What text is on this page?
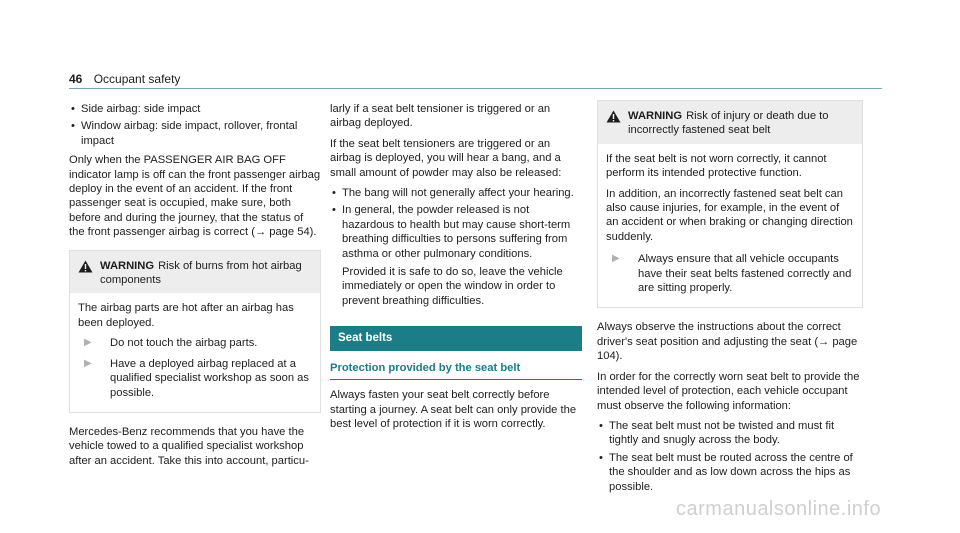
46 Occupant safety
• Side airbag: side impact
• Window airbag: side impact, rollover, frontal impact

Only when the PASSENGER AIR BAG OFF indicator lamp is off can the front passenger airbag deploy in the event of an accident. If the front passenger seat is occupied, make sure, both before and during the journey, that the status of the front passenger airbag is correct (→ page 54).

WARNING Risk of burns from hot airbag components

The airbag parts are hot after an airbag has been deployed.

▶	Do not touch the airbag parts.
▶	Have a deployed airbag replaced at a qualified specialist workshop as soon as possible.

Mercedes-Benz recommends that you have the vehicle towed to a qualified specialist workshop after an accident. Take this into account, particu-

larly if a seat belt tensioner is triggered or an airbag deployed.

If the seat belt tensioners are triggered or an airbag is deployed, you will hear a bang, and a small amount of powder may also be released:

• The bang will not generally affect your hearing.
• In general, the powder released is not hazardous to health but may cause short-term breathing difficulties to persons suffering from asthma or other pulmonary conditions.

Provided it is safe to do so, leave the vehicle immediately or open the window in order to prevent breathing difficulties.

Seat belts
Protection provided by the seat belt

Always fasten your seat belt correctly before starting a journey. A seat belt can only provide the best level of protection if it is worn correctly.

WARNING Risk of injury or death due to incorrectly fastened seat belt

If the seat belt is not worn correctly, it cannot perform its intended protective function.

In addition, an incorrectly fastened seat belt can also cause injuries, for example, in the event of an accident or when braking or changing direction suddenly.

▶	Always ensure that all vehicle occupants have their seat belts fastened correctly and are sitting properly.

Always observe the instructions about the correct driver's seat position and adjusting the seat (→ page 104).

In order for the correctly worn seat belt to provide the intended level of protection, each vehicle occupant must observe the following information:

• The seat belt must not be twisted and must fit tightly and snugly across the body.
• The seat belt must be routed across the centre of the shoulder and as low down across the hips as possible.
carmanualsonline.info
